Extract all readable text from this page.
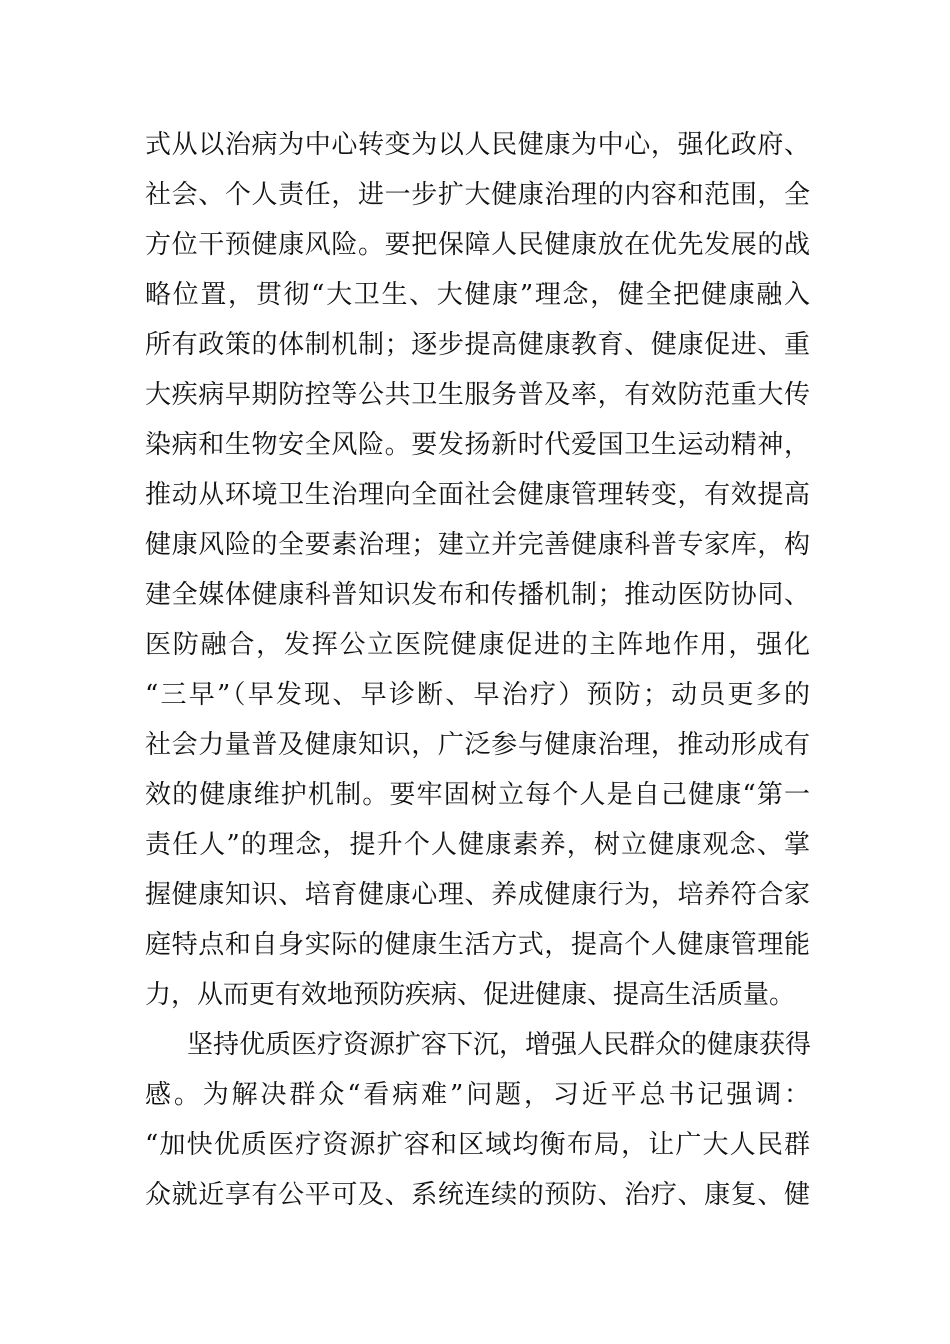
式从以治病为中心转变为以人民健康为中心，强化政府、
社会、个人责任，进一步扩大健康治理的内容和范围，全
方位干预健康风险。要把保障人民健康放在优先发展的战
略位置，贯彻“大卫生、大健康”理念，健全把健康融入
所有政策的体制机制；逐步提高健康教育、健康促进、重
大疾病早期防控等公共卫生服务普及率，有效防范重大传
染病和生物安全风险。要发扬新时代爱国卫生运动精神，
推动从环境卫生治理向全面社会健康管理转变，有效提高
健康风险的全要素治理；建立并完善健康科普专家库，构
建全媒体健康科普知识发布和传播机制；推动医防协同、
医防融合，发挥公立医院健康促进的主阵地作用，强化
“三早”（早发现、早诊断、早治疗）预防；动员更多的
社会力量普及健康知识，广泛参与健康治理，推动形成有
效的健康维护机制。要牢固树立每个人是自己健康“第一
责任人”的理念，提升个人健康素养，树立健康观念、掌
握健康知识、培育健康心理、养成健康行为，培养符合家
庭特点和自身实际的健康生活方式，提高个人健康管理能
力，从而更有效地预防疾病、促进健康、提高生活质量。
坚持优质医疗资源扩容下沉，增强人民群众的健康获得
感。为解决群众“看病难”问题，习近平总书记强调：
“加快优质医疗资源扩容和区域均衡布局，让广大人民群
众就近享有公平可及、系统连续的预防、治疗、康复、健
